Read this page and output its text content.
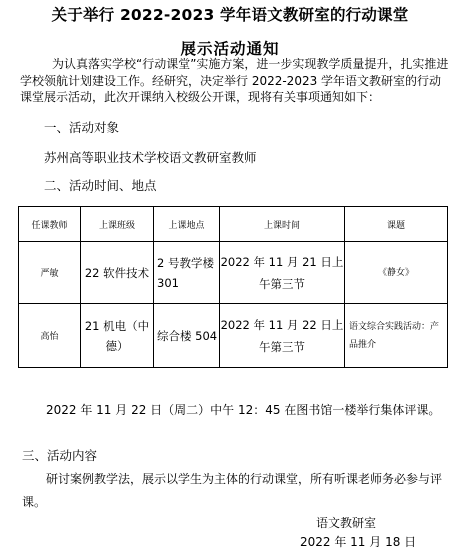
关于举行 2022-2023 学年语文教研室的行动课堂
展示活动通知
为认真落实学校“行动课堂”实施方案，进一步实现教学质量提升，扎实推进学校领航计划建设工作。经研究，决定举行 2022-2023 学年语文教研室的行动课堂展示活动，此次开课纳入校级公开课，现将有关事项通知如下：
一、活动对象
苏州高等职业技术学校语文教研室教师
二、活动时间、地点
任课教师	上课班级	上课地点	上课时间	课题
严敏	22 软件技术	2 号教学楼 301	2022 年 11 月 21 日上午第三节	《静女》
高怡	21 机电（中德）	综合楼 504	2022 年 11 月 22 日上午第三节	语文综合实践活动：产品推介
2022 年 11 月 22 日（周二）中午 12：45 在图书馆一楼举行集体评课。
三、活动内容
研讨案例教学法，展示以学生为主体的行动课堂，所有听课老师务必参与评课。
语文教研室
2022 年 11 月 18 日
